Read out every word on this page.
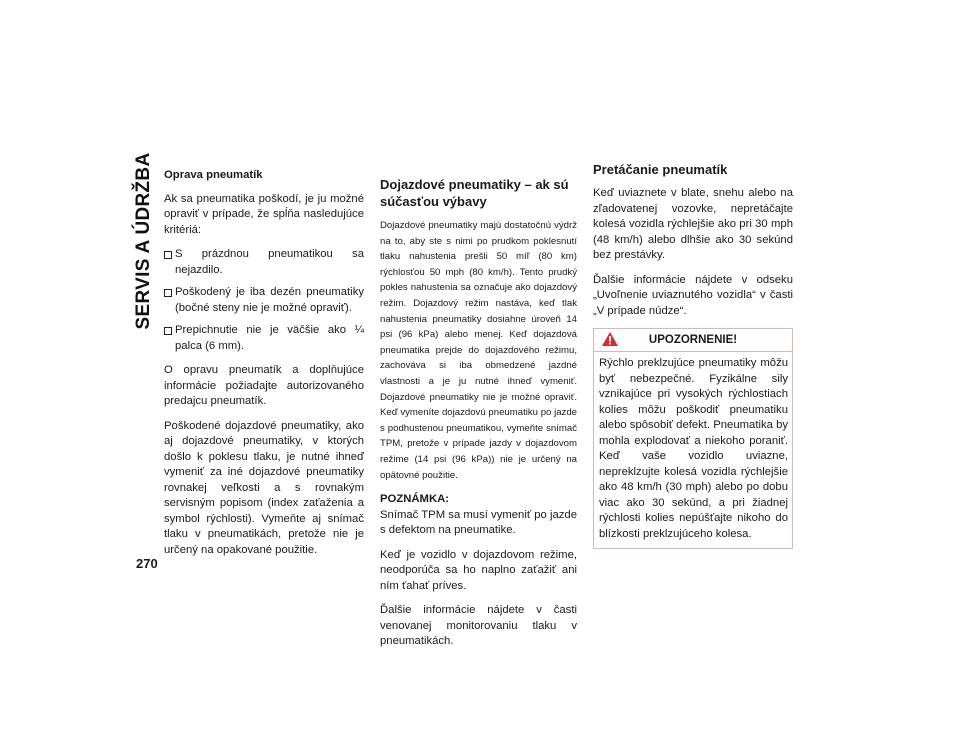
SERVIS A ÚDRŽBA
270
Oprava pneumatík

Ak sa pneumatika poškodí, je ju možné opraviť v prípade, že spĺňa nasledujúce kritériá:

S prázdnou pneumatikou sa nejazdilo.
Poškodený je iba dezén pneumatiky (bočné steny nie je možné opraviť).
Prepichnutie nie je väčšie ako ¼ palca (6 mm).

O opravu pneumatík a doplňujúce informácie požiadajte autorizovaného predajcu pneumatík.

Poškodené dojazdové pneumatiky, ako aj dojazdové pneumatiky, v ktorých došlo k poklesu tlaku, je nutné ihneď vymeniť za iné dojazdové pneumatiky rovnakej veľkosti a s rovnakým servisným popisom (index zaťaženia a symbol rýchlosti). Vymeňte aj snímač tlaku v pneumatikách, pretože nie je určený na opakované použitie.

Dojazdové pneumatiky – ak sú súčasťou výbavy

Dojazdové pneumatiky majú dostatočnú výdrž na to, aby ste s nimi po prudkom poklesnutí tlaku nahustenia prešli 50 míľ (80 km) rýchlosťou 50 mph (80 km/h). Tento prudký pokles nahustenia sa označuje ako dojazdový režim. Dojazdový režim nastáva, keď tlak nahustenia pneumatiky dosiahne úroveň 14 psi (96 kPa) alebo menej. Keď dojazdová pneumatika prejde do dojazdového režimu, zachováva si iba obmedzené jazdné vlastnosti a je ju nutné ihneď vymeniť. Dojazdové pneumatiky nie je možné opraviť. Keď vymeníte dojazdovú pneumatiku po jazde s podhustenou pneumatikou, vymeňte snímač TPM, pretože v prípade jazdy v dojazdovom režime (14 psi (96 kPa)) nie je určený na opätovné použitie.

POZNÁMKA:

Snímač TPM sa musí vymeniť po jazde s defektom na pneumatike.

Keď je vozidlo v dojazdovom režime, neodporúča sa ho naplno zaťažiť ani ním ťahať príves.

Ďalšie informácie nájdete v časti venovanej monitorovaniu tlaku v pneumatikách.

Pretáčanie pneumatík

Keď uviaznete v blate, snehu alebo na zľadovatenej vozovke, nepretáčajte kolesá vozidla rýchlejšie ako pri 30 mph (48 km/h) alebo dlhšie ako 30 sekúnd bez prestávky.

Ďalšie informácie nájdete v odseku „Uvoľnenie uviaznutého vozidla“ v časti „V prípade núdze“.

UPOZORNENIE!
Rýchlo preklzujúce pneumatiky môžu byť nebezpečné. Fyzikálne sily vznikajúce pri vysokých rýchlostiach kolies môžu poškodiť pneumatiku alebo spôsobiť defekt. Pneumatika by mohla explodovať a niekoho poraniť. Keď vaše vozidlo uviazne, nepreklzujte kolesá vozidla rýchlejšie ako 48 km/h (30 mph) alebo po dobu viac ako 30 sekúnd, a pri žiadnej rýchlosti kolies nepúšťajte nikoho do blízkosti preklzujúceho kolesa.
